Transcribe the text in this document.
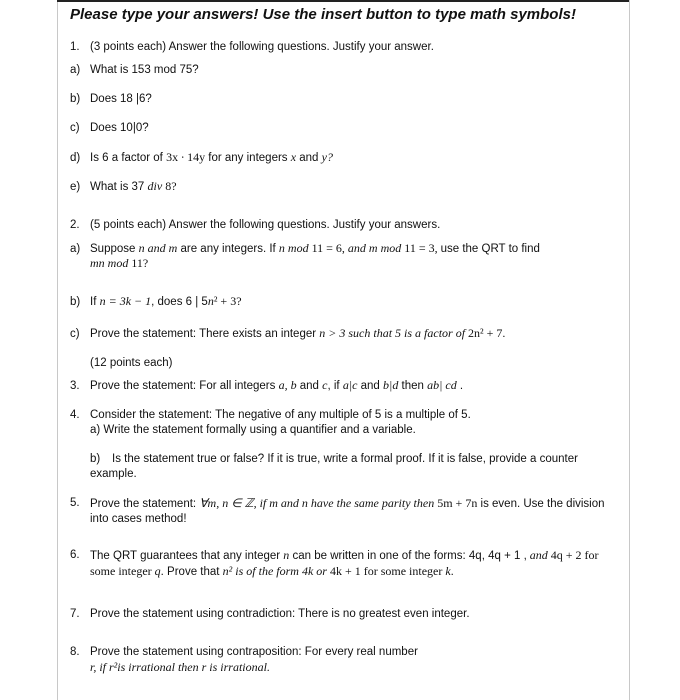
Please type your answers! Use the insert button to type math symbols!
1. (3 points each) Answer the following questions. Justify your answer.
a) What is 153 mod 75?
b) Does 18 |6?
c) Does 10|0?
d) Is 6 a factor of 3x ∙ 14y for any integers x and y?
e) What is 37 div 8?
2. (5 points each) Answer the following questions. Justify your answers.
a) Suppose n and m are any integers. If n mod 11 = 6, and m mod 11 = 3, use the QRT to find
mn mod 11?
b) If n = 3k − 1, does 6 | 5n² + 3?
c) Prove the statement: There exists an integer n > 3 such that 5 is a factor of 2n² + 7.
(12 points each)
3. Prove the statement: For all integers a, b and c, if a|c and b|d then ab| cd .
4. Consider the statement: The negative of any multiple of 5 is a multiple of 5.
a) Write the statement formally using a quantifier and a variable.
b) Is the statement true or false? If it is true, write a formal proof. If it is false, provide a counter example.
5. Prove the statement: ∀m, n ∈ ℤ, if m and n have the same parity then 5m + 7n is even. Use the division into cases method!
6. The QRT guarantees that any integer n can be written in one of the forms: 4q, 4q + 1 , and 4q + 2 for some integer q. Prove that n² is of the form 4k or 4k + 1 for some integer k.
7. Prove the statement using contradiction: There is no greatest even integer.
8. Prove the statement using contraposition: For every real number
r, if r²is irrational then r is irrational.
